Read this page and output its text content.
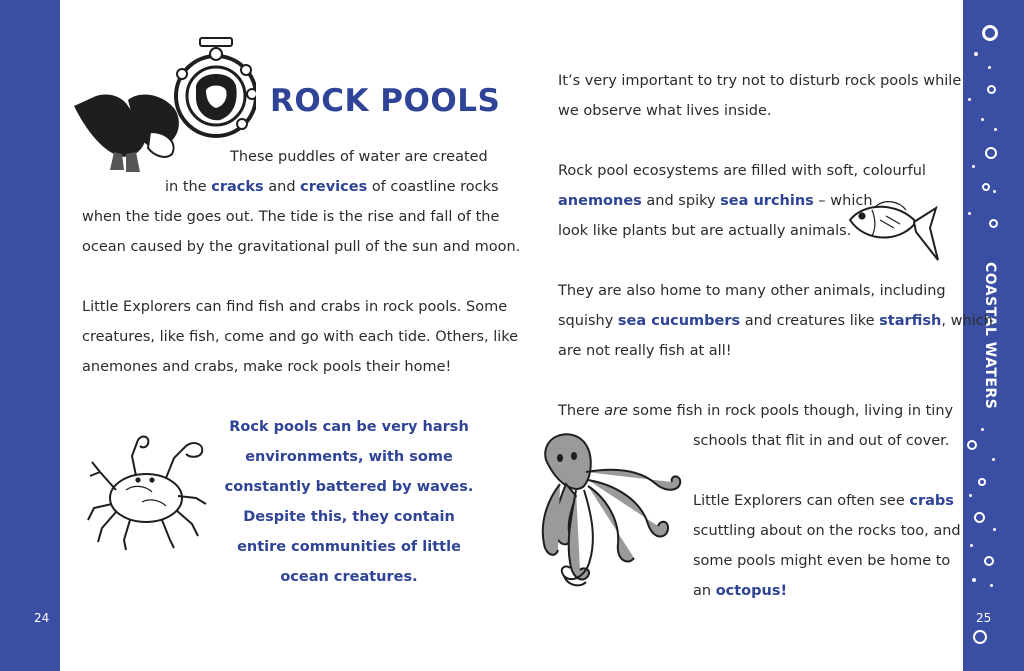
24	25
COASTAL WATERS
ROCK POOLS
These puddles of water are created
in the cracks and crevices of coastline rocks
when the tide goes out. The tide is the rise and fall of the
ocean caused by the gravitational pull of the sun and moon.
Little Explorers can find fish and crabs in rock pools. Some
creatures, like fish, come and go with each tide. Others, like
anemones and crabs, make rock pools their home!
Rock pools can be very harsh
environments, with some
constantly battered by waves.
Despite this, they contain
entire communities of little
ocean creatures.
It’s very important to try not to disturb rock pools while
we observe what lives inside.
Rock pool ecosystems are filled with soft, colourful
anemones and spiky sea urchins – which
look like plants but are actually animals.
They are also home to many other animals, including
squishy sea cucumbers and creatures like starfish, which
are not really fish at all!
There are some fish in rock pools though, living in tiny
schools that flit in and out of cover.
Little Explorers can often see crabs
scuttling about on the rocks too, and
some pools might even be home to
an octopus!
